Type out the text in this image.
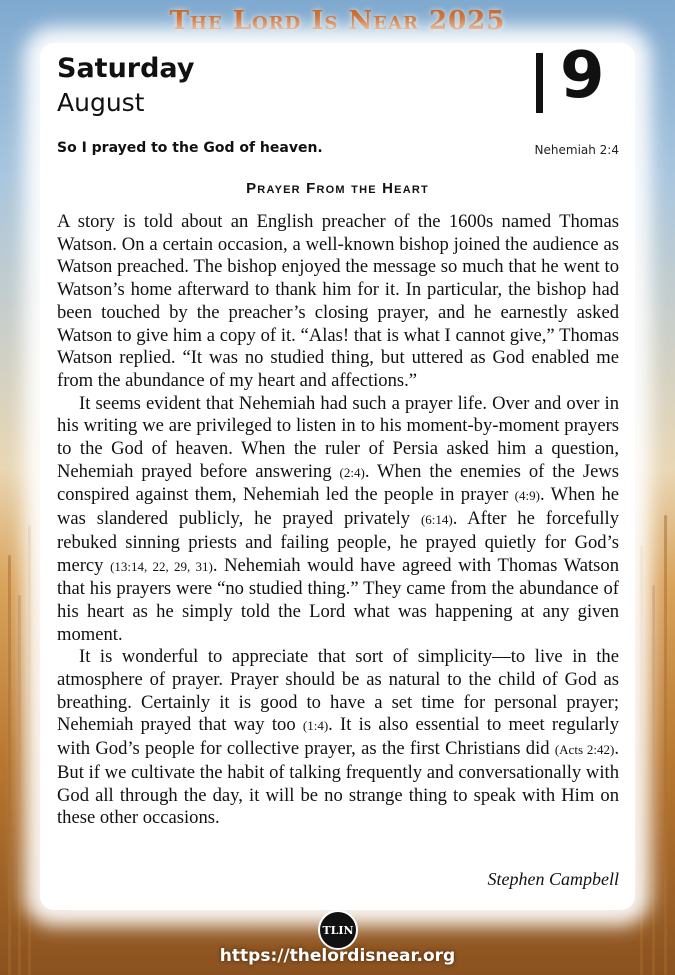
The Lord Is Near 2025
Saturday
August	9
So I prayed to the God of heaven.	Nehemiah 2:4
Prayer From the Heart

A story is told about an English preacher of the 1600s named Thomas Watson. On a certain occasion, a well-known bishop joined the audience as Watson preached. The bishop enjoyed the message so much that he went to Watson’s home afterward to thank him for it. In particular, the bishop had been touched by the preacher’s closing prayer, and he earnestly asked Watson to give him a copy of it. “Alas! that is what I cannot give,” Thomas Watson replied. “It was no studied thing, but uttered as God enabled me from the abundance of my heart and affections.”

It seems evident that Nehemiah had such a prayer life. Over and over in his writing we are privileged to listen in to his moment-by-moment prayers to the God of heaven. When the ruler of Persia asked him a question, Nehemiah prayed before answering (2:4). When the enemies of the Jews conspired against them, Nehemiah led the people in prayer (4:9). When he was slandered publicly, he prayed privately (6:14). After he forcefully rebuked sinning priests and failing people, he prayed quietly for God’s mercy (13:14, 22, 29, 31). Nehemiah would have agreed with Thomas Watson that his prayers were “no studied thing.” They came from the abundance of his heart as he simply told the Lord what was happening at any given moment.

It is wonderful to appreciate that sort of simplicity—to live in the atmosphere of prayer. Prayer should be as natural to the child of God as breathing. Certainly it is good to have a set time for personal prayer; Nehemiah prayed that way too (1:4). It is also essential to meet regularly with God’s people for collective prayer, as the first Christians did (Acts 2:42). But if we cultivate the habit of talking frequently and conversationally with God all through the day, it will be no strange thing to speak with Him on these other occasions.

Stephen Campbell
TLIN
https://thelordisnear.org
